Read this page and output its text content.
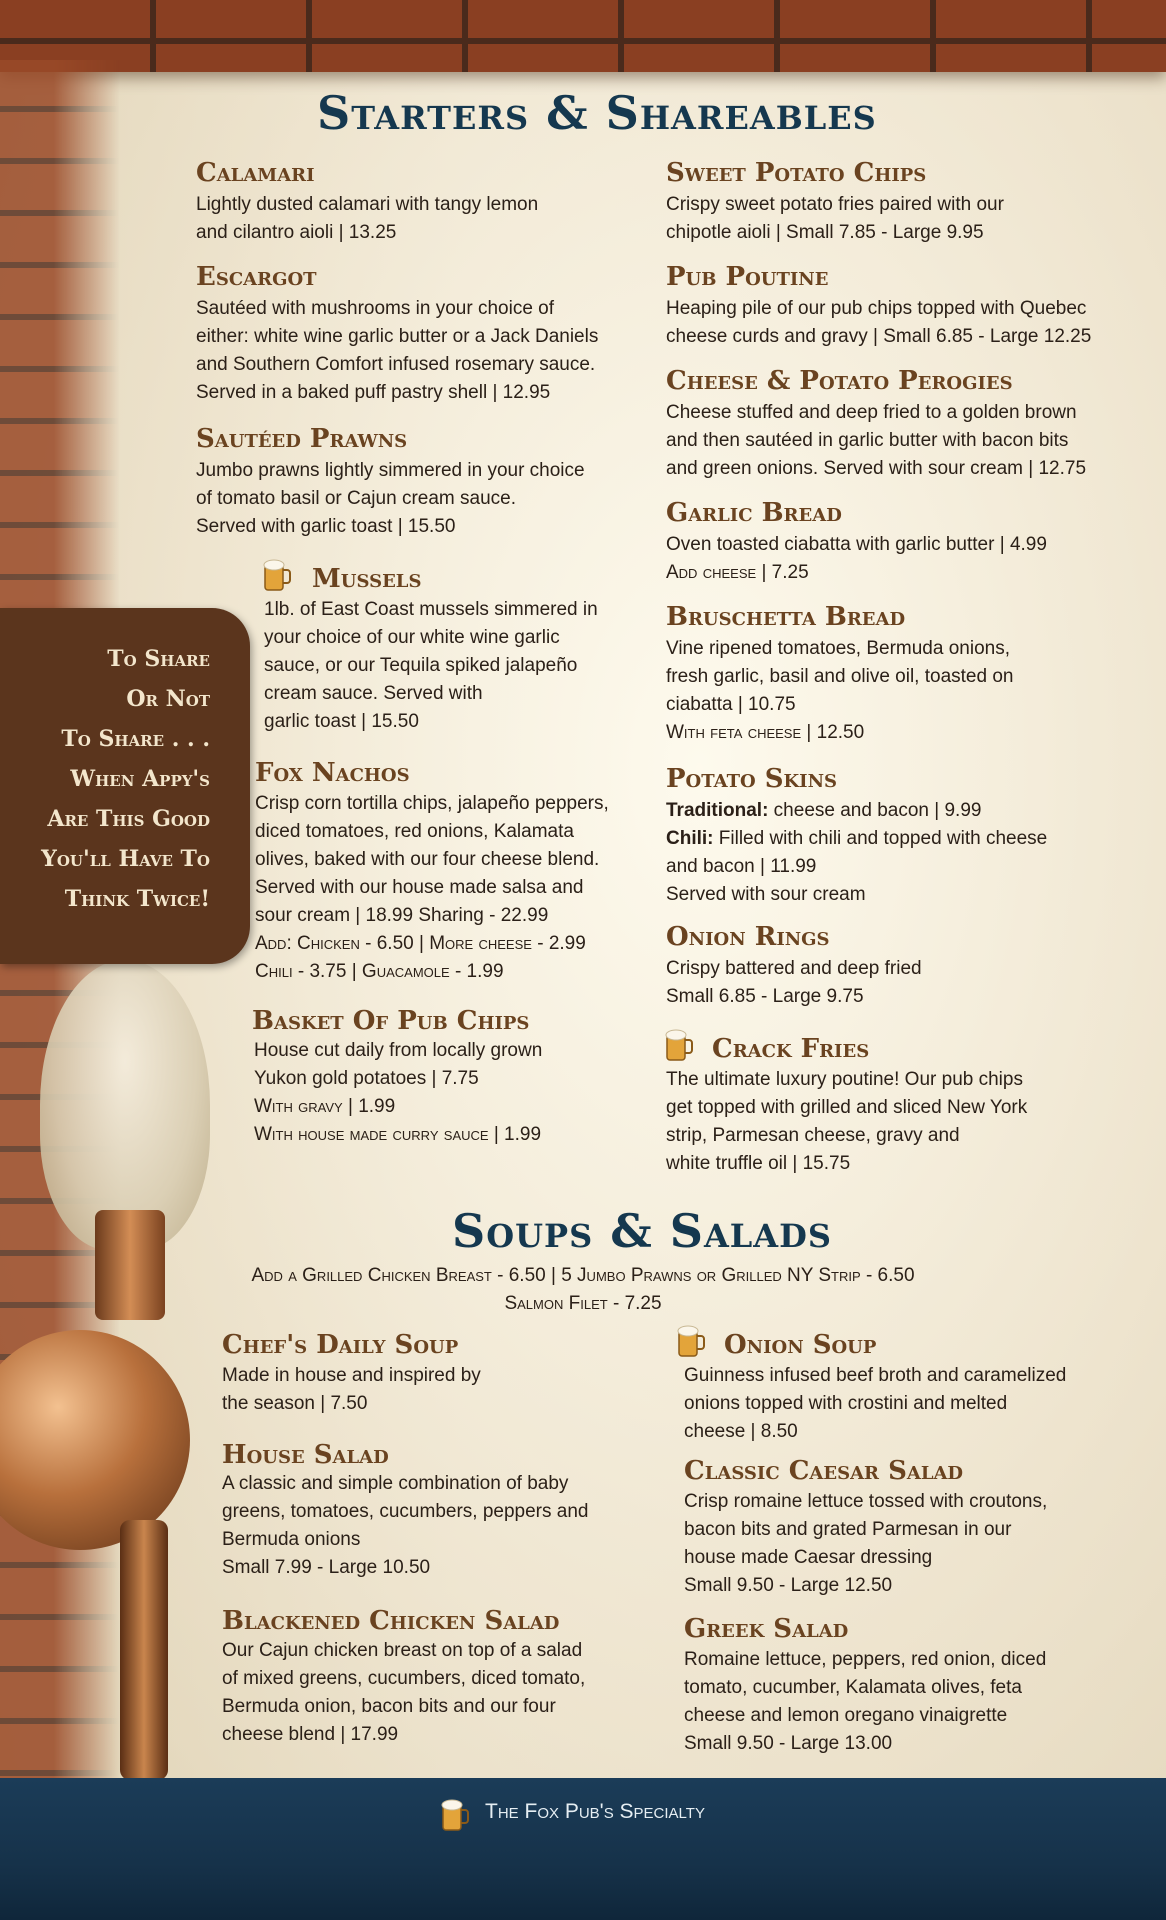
Starters & Shareables
To Share
Or Not
To Share . . .
When Appy's
Are This Good
You'll Have To
Think Twice!
Calamari
Lightly dusted calamari with tangy lemon
and cilantro aioli | 13.25
Escargot
Sautéed with mushrooms in your choice of
either: white wine garlic butter or a Jack Daniels
and Southern Comfort infused rosemary sauce.
Served in a baked puff pastry shell | 12.95
Sautéed Prawns
Jumbo prawns lightly simmered in your choice
of tomato basil or Cajun cream sauce.
Served with garlic toast | 15.50
Mussels
1lb. of East Coast mussels simmered in
your choice of our white wine garlic
sauce, or our Tequila spiked jalapeño
cream sauce. Served with
garlic toast | 15.50
Fox Nachos
Crisp corn tortilla chips, jalapeño peppers,
diced tomatoes, red onions, Kalamata
olives, baked with our four cheese blend.
Served with our house made salsa and
sour cream | 18.99 Sharing - 22.99
Add: Chicken - 6.50 | More cheese - 2.99
Chili - 3.75 | Guacamole - 1.99
Basket Of Pub Chips
House cut daily from locally grown
Yukon gold potatoes | 7.75
With gravy | 1.99
With house made curry sauce | 1.99
Sweet Potato Chips
Crispy sweet potato fries paired with our
chipotle aioli | Small 7.85 - Large 9.95
Pub Poutine
Heaping pile of our pub chips topped with Quebec
cheese curds and gravy | Small 6.85 - Large 12.25
Cheese & Potato Perogies
Cheese stuffed and deep fried to a golden brown
and then sautéed in garlic butter with bacon bits
and green onions. Served with sour cream | 12.75
Garlic Bread
Oven toasted ciabatta with garlic butter | 4.99
Add cheese | 7.25
Bruschetta Bread
Vine ripened tomatoes, Bermuda onions,
fresh garlic, basil and olive oil, toasted on
ciabatta | 10.75
With feta cheese | 12.50
Potato Skins
Traditional: cheese and bacon | 9.99
Chili: Filled with chili and topped with cheese
and bacon | 11.99
Served with sour cream
Onion Rings
Crispy battered and deep fried
Small 6.85 - Large 9.75
Crack Fries
The ultimate luxury poutine! Our pub chips
get topped with grilled and sliced New York
strip, Parmesan cheese, gravy and
white truffle oil | 15.75
Soups & Salads
Add a Grilled Chicken Breast - 6.50 | 5 Jumbo Prawns or Grilled NY Strip - 6.50
Salmon Filet - 7.25
Chef's Daily Soup
Made in house and inspired by
the season | 7.50
House Salad
A classic and simple combination of baby
greens, tomatoes, cucumbers, peppers and
Bermuda onions
Small 7.99 - Large 10.50
Blackened Chicken Salad
Our Cajun chicken breast on top of a salad
of mixed greens, cucumbers, diced tomato,
Bermuda onion, bacon bits and our four
cheese blend | 17.99
Onion Soup
Guinness infused beef broth and caramelized
onions topped with crostini and melted
cheese | 8.50
Classic Caesar Salad
Crisp romaine lettuce tossed with croutons,
bacon bits and grated Parmesan in our
house made Caesar dressing
Small 9.50 - Large 12.50
Greek Salad
Romaine lettuce, peppers, red onion, diced
tomato, cucumber, Kalamata olives, feta
cheese and lemon oregano vinaigrette
Small 9.50 - Large 13.00
The Fox Pub's Specialty
